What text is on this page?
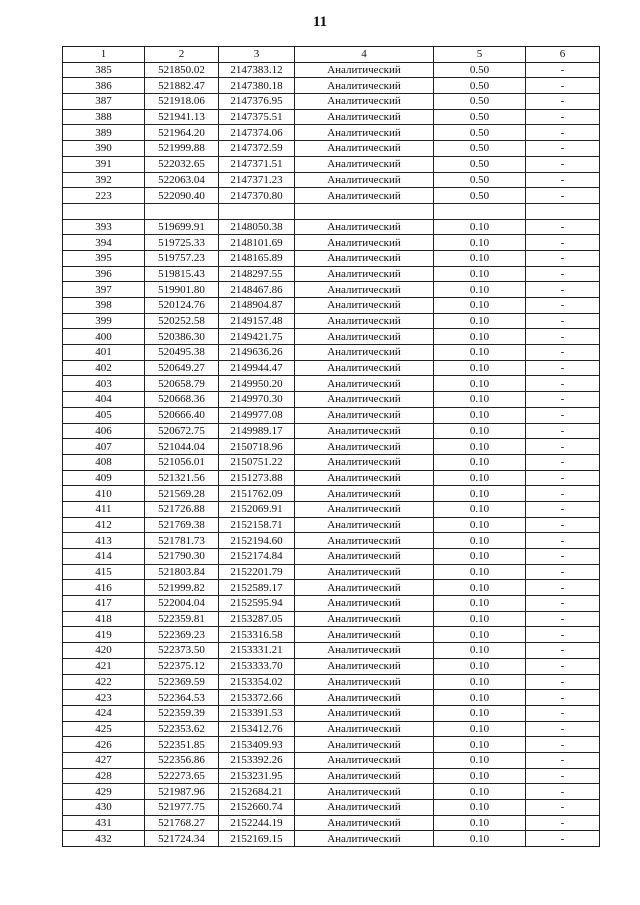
11
1	2	3	4	5	6
385	521850.02	2147383.12	Аналитический	0.50	-
386	521882.47	2147380.18	Аналитический	0.50	-
387	521918.06	2147376.95	Аналитический	0.50	-
388	521941.13	2147375.51	Аналитический	0.50	-
389	521964.20	2147374.06	Аналитический	0.50	-
390	521999.88	2147372.59	Аналитический	0.50	-
391	522032.65	2147371.51	Аналитический	0.50	-
392	522063.04	2147371.23	Аналитический	0.50	-
223	522090.40	2147370.80	Аналитический	0.50	-

393	519699.91	2148050.38	Аналитический	0.10	-
394	519725.33	2148101.69	Аналитический	0.10	-
395	519757.23	2148165.89	Аналитический	0.10	-
396	519815.43	2148297.55	Аналитический	0.10	-
397	519901.80	2148467.86	Аналитический	0.10	-
398	520124.76	2148904.87	Аналитический	0.10	-
399	520252.58	2149157.48	Аналитический	0.10	-
400	520386.30	2149421.75	Аналитический	0.10	-
401	520495.38	2149636.26	Аналитический	0.10	-
402	520649.27	2149944.47	Аналитический	0.10	-
403	520658.79	2149950.20	Аналитический	0.10	-
404	520668.36	2149970.30	Аналитический	0.10	-
405	520666.40	2149977.08	Аналитический	0.10	-
406	520672.75	2149989.17	Аналитический	0.10	-
407	521044.04	2150718.96	Аналитический	0.10	-
408	521056.01	2150751.22	Аналитический	0.10	-
409	521321.56	2151273.88	Аналитический	0.10	-
410	521569.28	2151762.09	Аналитический	0.10	-
411	521726.88	2152069.91	Аналитический	0.10	-
412	521769.38	2152158.71	Аналитический	0.10	-
413	521781.73	2152194.60	Аналитический	0.10	-
414	521790.30	2152174.84	Аналитический	0.10	-
415	521803.84	2152201.79	Аналитический	0.10	-
416	521999.82	2152589.17	Аналитический	0.10	-
417	522004.04	2152595.94	Аналитический	0.10	-
418	522359.81	2153287.05	Аналитический	0.10	-
419	522369.23	2153316.58	Аналитический	0.10	-
420	522373.50	2153331.21	Аналитический	0.10	-
421	522375.12	2153333.70	Аналитический	0.10	-
422	522369.59	2153354.02	Аналитический	0.10	-
423	522364.53	2153372.66	Аналитический	0.10	-
424	522359.39	2153391.53	Аналитический	0.10	-
425	522353.62	2153412.76	Аналитический	0.10	-
426	522351.85	2153409.93	Аналитический	0.10	-
427	522356.86	2153392.26	Аналитический	0.10	-
428	522273.65	2153231.95	Аналитический	0.10	-
429	521987.96	2152684.21	Аналитический	0.10	-
430	521977.75	2152660.74	Аналитический	0.10	-
431	521768.27	2152244.19	Аналитический	0.10	-
432	521724.34	2152169.15	Аналитический	0.10	-
